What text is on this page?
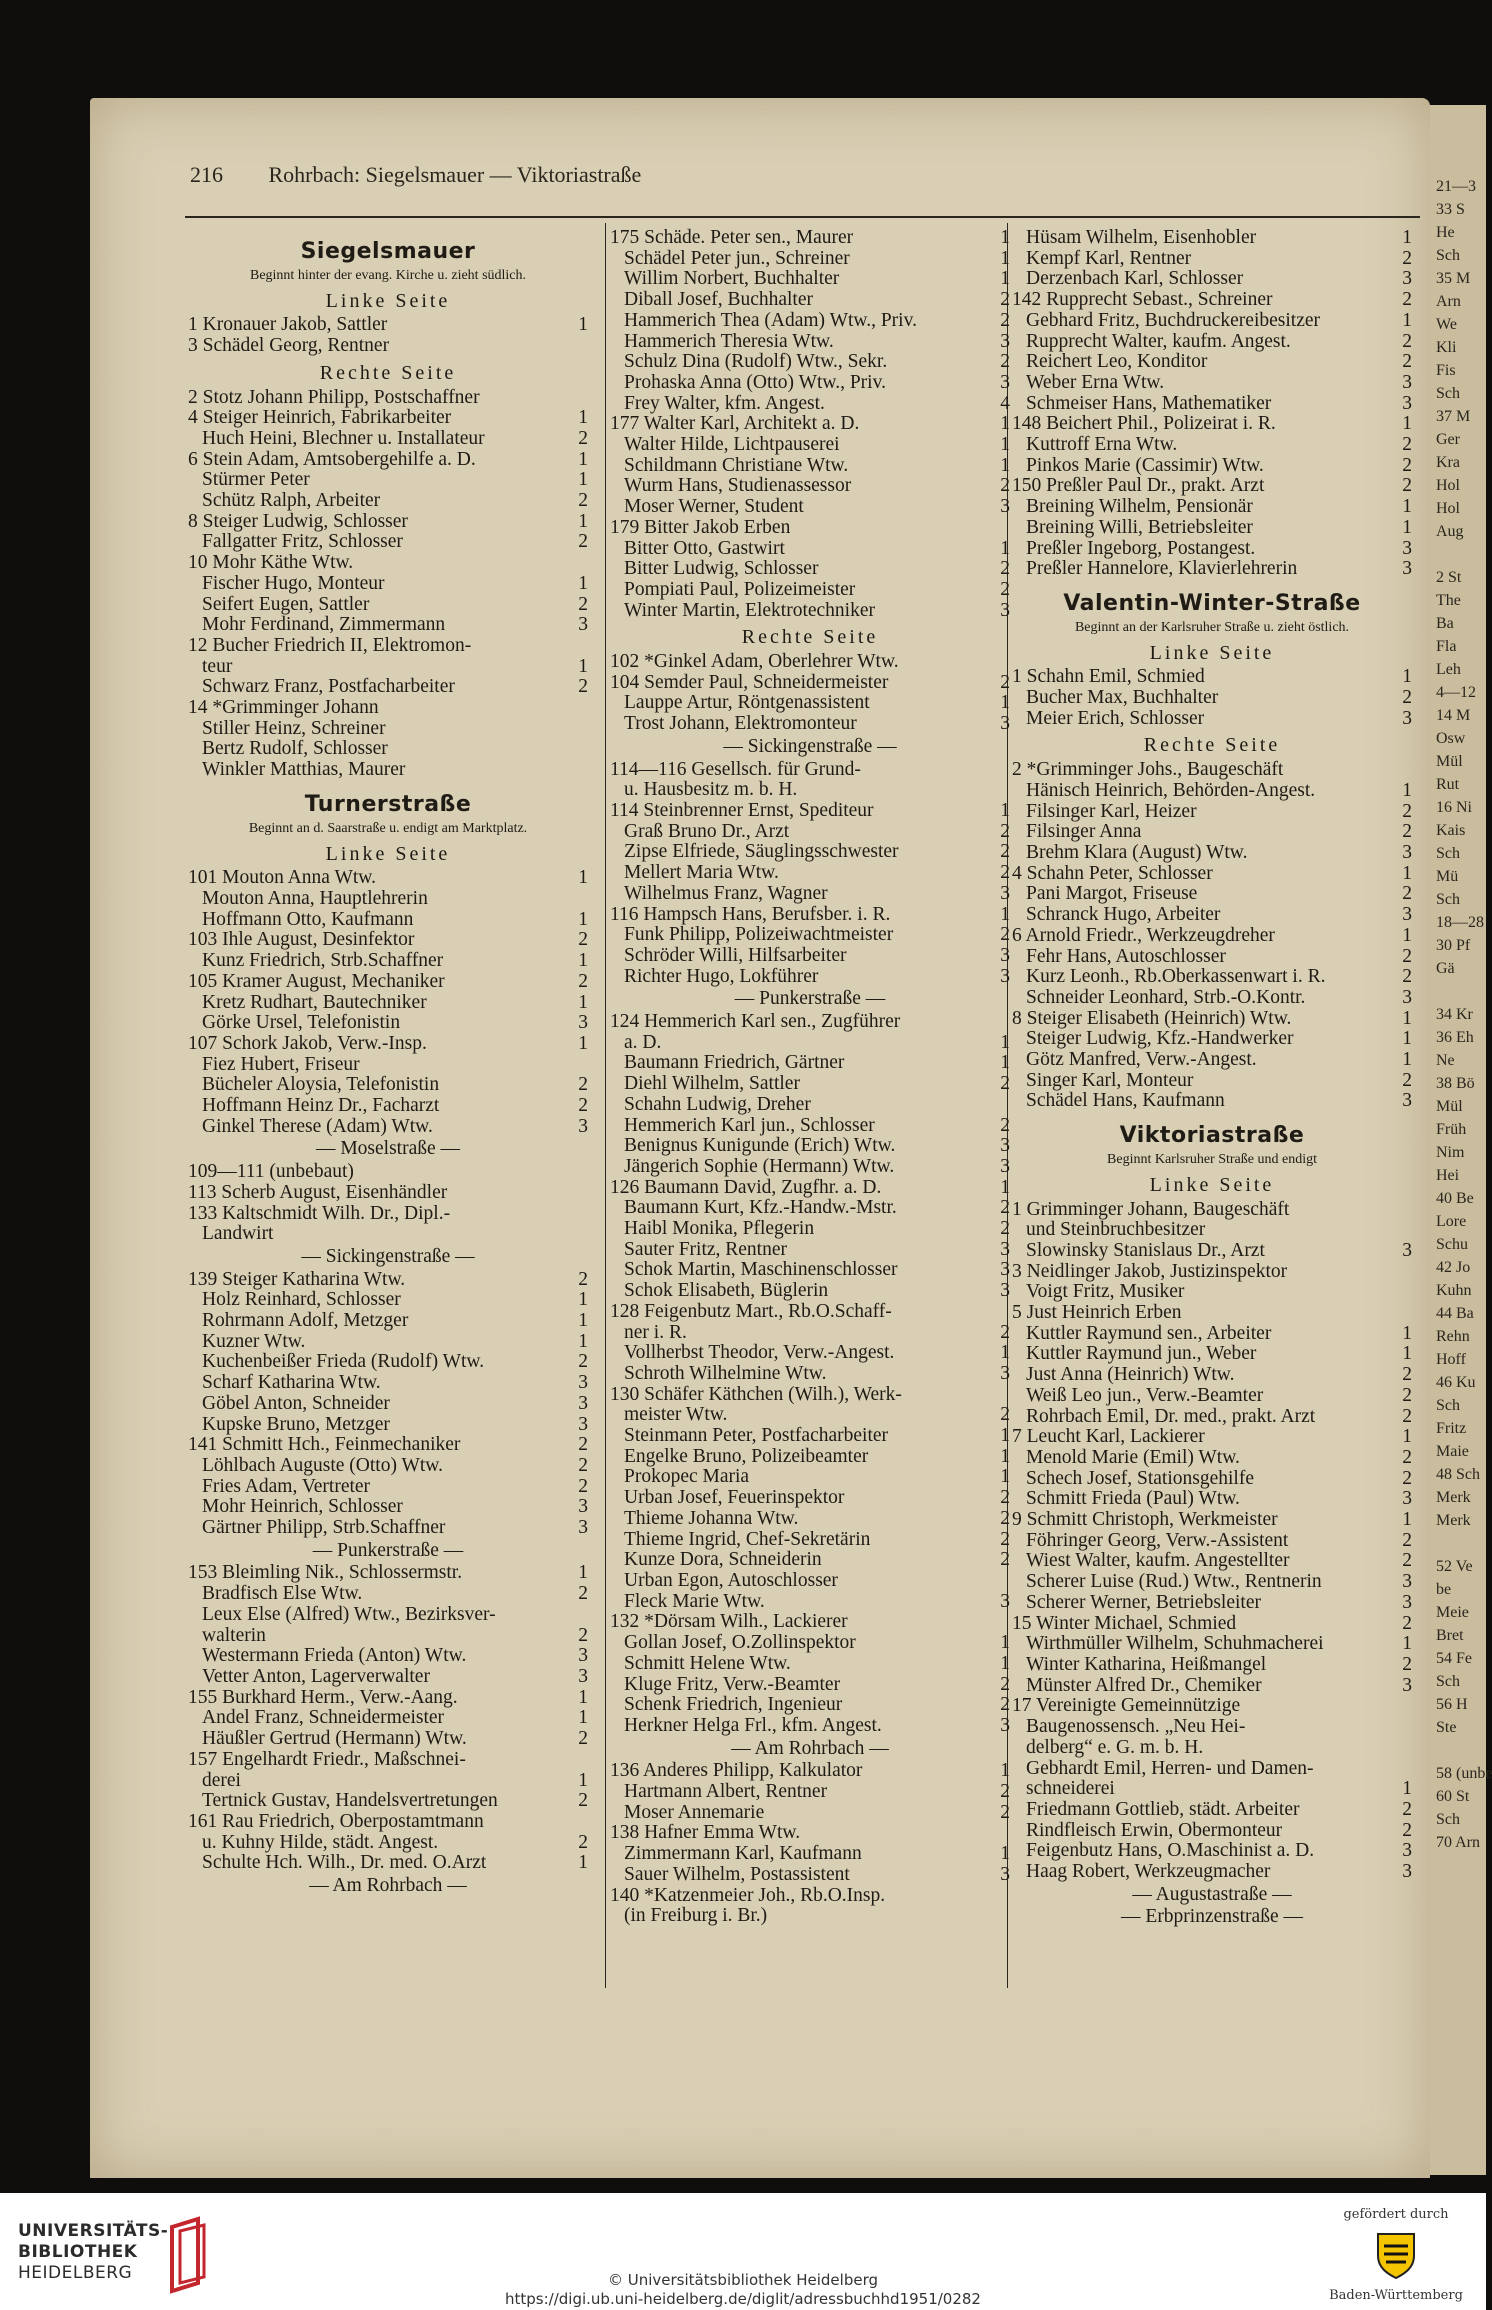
21—3
33 S
He
Sch
35 M
Arn
We
Kli
Fis
Sch
37 M
Ger
Kra
Hol
Hol
Aug
2 St
The
Ba
Fla
Leh
4—12
14 M
Osw
Mül
Rut
16 Ni
Kais
Sch
Mü
Sch
18—28
30 Pf
Gä
34 Kr
36 Eh
Ne
38 Bö
Mül
Früh
Nim
Hei
40 Be
Lore
Schu
42 Jo
Kuhn
44 Ba
Rehn
Hoff
46 Ku
Sch
Fritz
Maie
48 Sch
Merk
Merk
52 Ve
be
Meie
Bret
54 Fe
Sch
56 H
Ste
58 (unbe
60 St
Sch
70 Arn
216 Rohrbach: Siegelsmauer — Viktoriastraße
Siegelsmauer
Beginnt hinter der evang. Kirche u. zieht südlich.
Linke Seite
1 Kronauer Jakob, Sattler	1
3 Schädel Georg, Rentner
Rechte Seite
2 Stotz Johann Philipp, Postschaffner
4 Steiger Heinrich, Fabrikarbeiter	1
Huch Heini, Blechner u. Installateur	2
6 Stein Adam, Amtsobergehilfe a. D.	1
Stürmer Peter	1
Schütz Ralph, Arbeiter	2
8 Steiger Ludwig, Schlosser	1
Fallgatter Fritz, Schlosser	2
10 Mohr Käthe Wtw.
Fischer Hugo, Monteur	1
Seifert Eugen, Sattler	2
Mohr Ferdinand, Zimmermann	3
12 Bucher Friedrich II, Elektromon-
teur	1
Schwarz Franz, Postfacharbeiter	2
14 *Grimminger Johann
Stiller Heinz, Schreiner
Bertz Rudolf, Schlosser
Winkler Matthias, Maurer
Turnerstraße
Beginnt an d. Saarstraße u. endigt am Marktplatz.
Linke Seite
101 Mouton Anna Wtw.	1
Mouton Anna, Hauptlehrerin
Hoffmann Otto, Kaufmann	1
103 Ihle August, Desinfektor	2
Kunz Friedrich, Strb.Schaffner	1
105 Kramer August, Mechaniker	2
Kretz Rudhart, Bautechniker	1
Görke Ursel, Telefonistin	3
107 Schork Jakob, Verw.-Insp.	1
Fiez Hubert, Friseur
Bücheler Aloysia, Telefonistin	2
Hoffmann Heinz Dr., Facharzt	2
Ginkel Therese (Adam) Wtw.	3
— Moselstraße —
109—111 (unbebaut)
113 Scherb August, Eisenhändler
133 Kaltschmidt Wilh. Dr., Dipl.-
Landwirt
— Sickingenstraße —
139 Steiger Katharina Wtw.	2
Holz Reinhard, Schlosser	1
Rohrmann Adolf, Metzger	1
Kuzner Wtw.	1
Kuchenbeißer Frieda (Rudolf) Wtw.	2
Scharf Katharina Wtw.	3
Göbel Anton, Schneider	3
Kupske Bruno, Metzger	3
141 Schmitt Hch., Feinmechaniker	2
Löhlbach Auguste (Otto) Wtw.	2
Fries Adam, Vertreter	2
Mohr Heinrich, Schlosser	3
Gärtner Philipp, Strb.Schaffner	3
— Punkerstraße —
153 Bleimling Nik., Schlossermstr.	1
Bradfisch Else Wtw.	2
Leux Else (Alfred) Wtw., Bezirksver-
walterin	2
Westermann Frieda (Anton) Wtw.	3
Vetter Anton, Lagerverwalter	3
155 Burkhard Herm., Verw.-Aang.	1
Andel Franz, Schneidermeister	1
Häußler Gertrud (Hermann) Wtw.	2
157 Engelhardt Friedr., Maßschnei-
derei	1
Tertnick Gustav, Handelsvertretungen	2
161 Rau Friedrich, Oberpostamtmann
u. Kuhny Hilde, städt. Angest.	2
Schulte Hch. Wilh., Dr. med. O.Arzt	1
— Am Rohrbach —
175 Schäde. Peter sen., Maurer	1
Schädel Peter jun., Schreiner	1
Willim Norbert, Buchhalter	1
Diball Josef, Buchhalter	2
Hammerich Thea (Adam) Wtw., Priv.	2
Hammerich Theresia Wtw.	3
Schulz Dina (Rudolf) Wtw., Sekr.	2
Prohaska Anna (Otto) Wtw., Priv.	3
Frey Walter, kfm. Angest.	4
177 Walter Karl, Architekt a. D.	1
Walter Hilde, Lichtpauserei	1
Schildmann Christiane Wtw.	1
Wurm Hans, Studienassessor	2
Moser Werner, Student	3
179 Bitter Jakob Erben
Bitter Otto, Gastwirt	1
Bitter Ludwig, Schlosser	2
Pompiati Paul, Polizeimeister	2
Winter Martin, Elektrotechniker	3
Rechte Seite
102 *Ginkel Adam, Oberlehrer Wtw.
104 Semder Paul, Schneidermeister	2
Lauppe Artur, Röntgenassistent	1
Trost Johann, Elektromonteur	3
— Sickingenstraße —
114—116 Gesellsch. für Grund-
u. Hausbesitz m. b. H.
114 Steinbrenner Ernst, Spediteur	1
Graß Bruno Dr., Arzt	2
Zipse Elfriede, Säuglingsschwester	2
Mellert Maria Wtw.	2
Wilhelmus Franz, Wagner	3
116 Hampsch Hans, Berufsber. i. R.	1
Funk Philipp, Polizeiwachtmeister	2
Schröder Willi, Hilfsarbeiter	3
Richter Hugo, Lokführer	3
— Punkerstraße —
124 Hemmerich Karl sen., Zugführer
a. D.	1
Baumann Friedrich, Gärtner	1
Diehl Wilhelm, Sattler	2
Schahn Ludwig, Dreher
Hemmerich Karl jun., Schlosser	2
Benignus Kunigunde (Erich) Wtw.	3
Jängerich Sophie (Hermann) Wtw.	3
126 Baumann David, Zugfhr. a. D.	1
Baumann Kurt, Kfz.-Handw.-Mstr.	2
Haibl Monika, Pflegerin	2
Sauter Fritz, Rentner	3
Schok Martin, Maschinenschlosser	3
Schok Elisabeth, Büglerin	3
128 Feigenbutz Mart., Rb.O.Schaff-
ner i. R.	2
Vollherbst Theodor, Verw.-Angest.	1
Schroth Wilhelmine Wtw.	3
130 Schäfer Käthchen (Wilh.), Werk-
meister Wtw.	2
Steinmann Peter, Postfacharbeiter	1
Engelke Bruno, Polizeibeamter	1
Prokopec Maria	1
Urban Josef, Feuerinspektor	2
Thieme Johanna Wtw.	2
Thieme Ingrid, Chef-Sekretärin	2
Kunze Dora, Schneiderin	2
Urban Egon, Autoschlosser
Fleck Marie Wtw.	3
132 *Dörsam Wilh., Lackierer
Gollan Josef, O.Zollinspektor	1
Schmitt Helene Wtw.	1
Kluge Fritz, Verw.-Beamter	2
Schenk Friedrich, Ingenieur	2
Herkner Helga Frl., kfm. Angest.	3
— Am Rohrbach —
136 Anderes Philipp, Kalkulator	1
Hartmann Albert, Rentner	2
Moser Annemarie	2
138 Hafner Emma Wtw.
Zimmermann Karl, Kaufmann	1
Sauer Wilhelm, Postassistent	3
140 *Katzenmeier Joh., Rb.O.Insp.
(in Freiburg i. Br.)
Hüsam Wilhelm, Eisenhobler	1
Kempf Karl, Rentner	2
Derzenbach Karl, Schlosser	3
142 Rupprecht Sebast., Schreiner	2
Gebhard Fritz, Buchdruckereibesitzer	1
Rupprecht Walter, kaufm. Angest.	2
Reichert Leo, Konditor	2
Weber Erna Wtw.	3
Schmeiser Hans, Mathematiker	3
148 Beichert Phil., Polizeirat i. R.	1
Kuttroff Erna Wtw.	2
Pinkos Marie (Cassimir) Wtw.	2
150 Preßler Paul Dr., prakt. Arzt	2
Breining Wilhelm, Pensionär	1
Breining Willi, Betriebsleiter	1
Preßler Ingeborg, Postangest.	3
Preßler Hannelore, Klavierlehrerin	3
Valentin-Winter-Straße
Beginnt an der Karlsruher Straße u. zieht östlich.
Linke Seite
1 Schahn Emil, Schmied	1
Bucher Max, Buchhalter	2
Meier Erich, Schlosser	3
Rechte Seite
2 *Grimminger Johs., Baugeschäft
Hänisch Heinrich, Behörden-Angest.	1
Filsinger Karl, Heizer	2
Filsinger Anna	2
Brehm Klara (August) Wtw.	3
4 Schahn Peter, Schlosser	1
Pani Margot, Friseuse	2
Schranck Hugo, Arbeiter	3
6 Arnold Friedr., Werkzeugdreher	1
Fehr Hans, Autoschlosser	2
Kurz Leonh., Rb.Oberkassenwart i. R.	2
Schneider Leonhard, Strb.-O.Kontr.	3
8 Steiger Elisabeth (Heinrich) Wtw.	1
Steiger Ludwig, Kfz.-Handwerker	1
Götz Manfred, Verw.-Angest.	1
Singer Karl, Monteur	2
Schädel Hans, Kaufmann	3
Viktoriastraße
Beginnt Karlsruher Straße und endigt
Linke Seite
1 Grimminger Johann, Baugeschäft
und Steinbruchbesitzer
Slowinsky Stanislaus Dr., Arzt	3
3 Neidlinger Jakob, Justizinspektor
Voigt Fritz, Musiker
5 Just Heinrich Erben
Kuttler Raymund sen., Arbeiter	1
Kuttler Raymund jun., Weber	1
Just Anna (Heinrich) Wtw.	2
Weiß Leo jun., Verw.-Beamter	2
Rohrbach Emil, Dr. med., prakt. Arzt	2
7 Leucht Karl, Lackierer	1
Menold Marie (Emil) Wtw.	2
Schech Josef, Stationsgehilfe	2
Schmitt Frieda (Paul) Wtw.	3
9 Schmitt Christoph, Werkmeister	1
Föhringer Georg, Verw.-Assistent	2
Wiest Walter, kaufm. Angestellter	2
Scherer Luise (Rud.) Wtw., Rentnerin	3
Scherer Werner, Betriebsleiter	3
15 Winter Michael, Schmied	2
Wirthmüller Wilhelm, Schuhmacherei	1
Winter Katharina, Heißmangel	2
Münster Alfred Dr., Chemiker	3
17 Vereinigte Gemeinnützige
Baugenossensch. „Neu Hei-
delberg“ e. G. m. b. H.
Gebhardt Emil, Herren- und Damen-
schneiderei	1
Friedmann Gottlieb, städt. Arbeiter	2
Rindfleisch Erwin, Obermonteur	2
Feigenbutz Hans, O.Maschinist a. D.	3
Haag Robert, Werkzeugmacher	3
— Augustastraße —
— Erbprinzenstraße —
UNIVERSITÄTS-
BIBLIOTHEK
HEIDELBERG	© Universitätsbibliothek Heidelberg
https://digi.ub.uni-heidelberg.de/diglit/adressbuchhd1951/0282
gefördert durch
Baden-Württemberg
